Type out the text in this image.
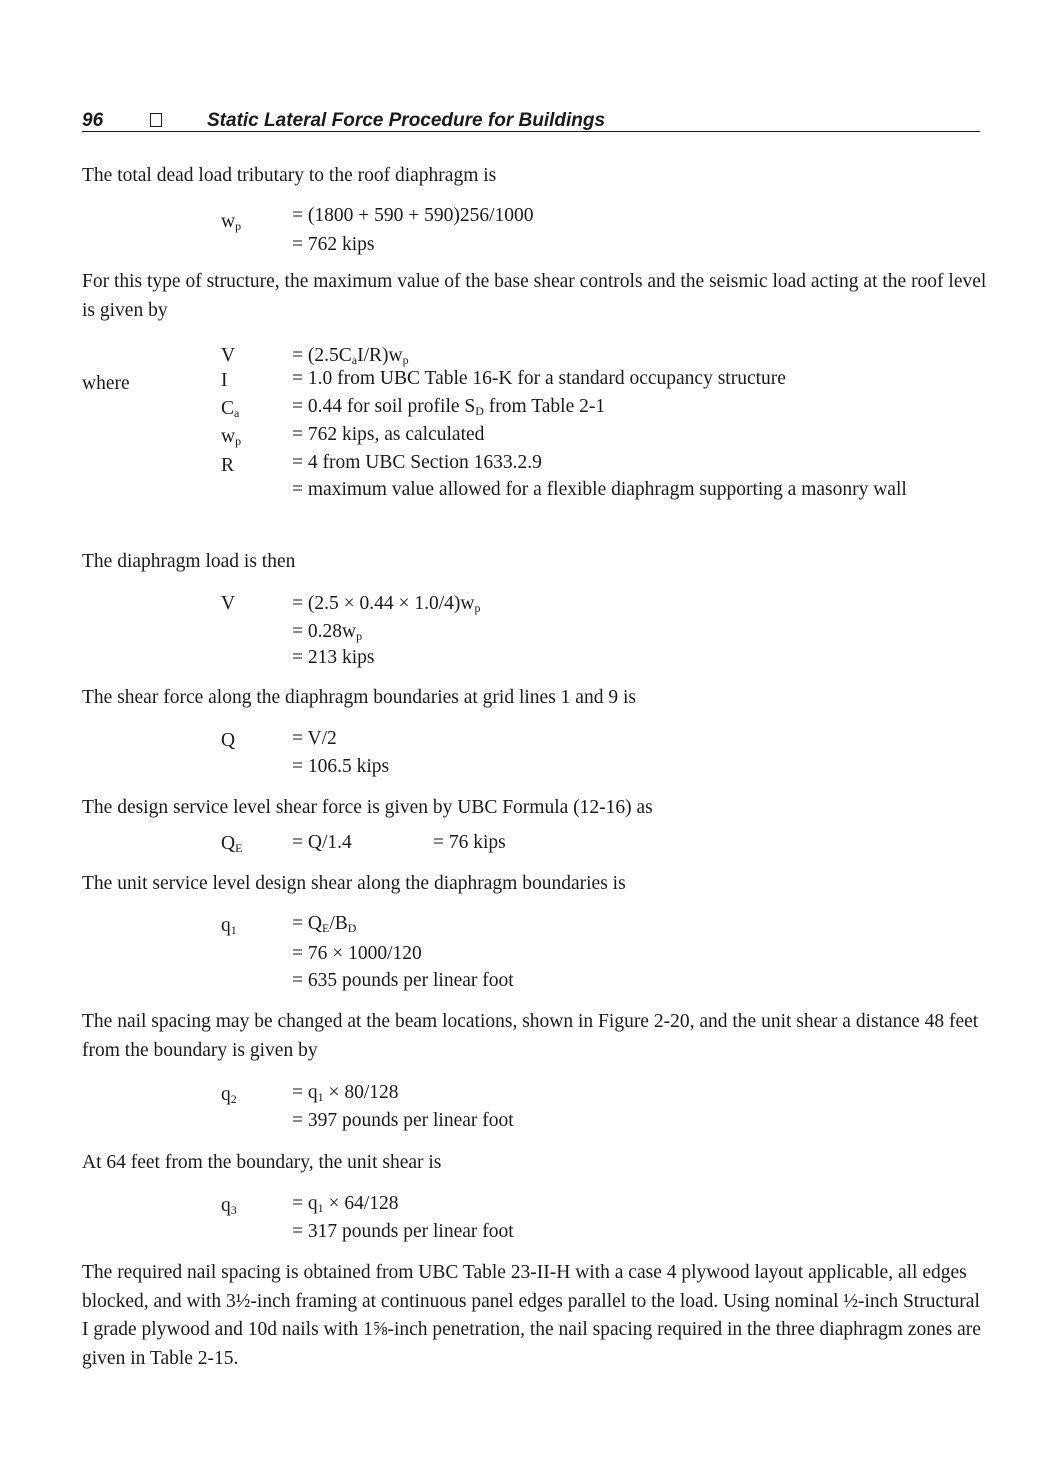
96	Static Lateral Force Procedure for Buildings

The total dead load tributary to the roof diaphragm is

$w_p$	= (1800 + 590 + 590)256/1000
= 762 kips

For this type of structure, the maximum value of the base shear controls and the seismic load acting at the roof level is given by

where
V	= $(2.5C_aI/R)w_p$
I	= 1.0 from UBC Table 16-K for a standard occupancy structure
$C_a$	= 0.44 for soil profile $S_D$ from Table 2-1
$w_p$	= 762 kips, as calculated
R	= 4 from UBC Section 1633.2.9
= maximum value allowed for a flexible diaphragm supporting a masonry wall

The diaphragm load is then

V	= $(2.5 \times 0.44 \times 1.0/4)w_p$
= $0.28w_p$
= 213 kips

The shear force along the diaphragm boundaries at grid lines 1 and 9 is

Q	= V/2
= 106.5 kips

The design service level shear force is given by UBC Formula (12-16) as

$Q_E$	= Q/1.4	= 76 kips

The unit service level design shear along the diaphragm boundaries is

$q_1$	= $Q_E/B_D$
= 76 × 1000/120
= 635 pounds per linear foot

The nail spacing may be changed at the beam locations, shown in Figure 2-20, and the unit shear a distance 48 feet from the boundary is given by

$q_2$	= $q_1 \times 80/128$
= 397 pounds per linear foot

At 64 feet from the boundary, the unit shear is

$q_3$	= $q_1 \times 64/128$
= 317 pounds per linear foot

The required nail spacing is obtained from UBC Table 23-II-H with a case 4 plywood layout applicable, all edges blocked, and with 3½-inch framing at continuous panel edges parallel to the load. Using nominal ½-inch Structural I grade plywood and 10d nails with 1⅝-inch penetration, the nail spacing required in the three diaphragm zones are given in Table 2-15.
